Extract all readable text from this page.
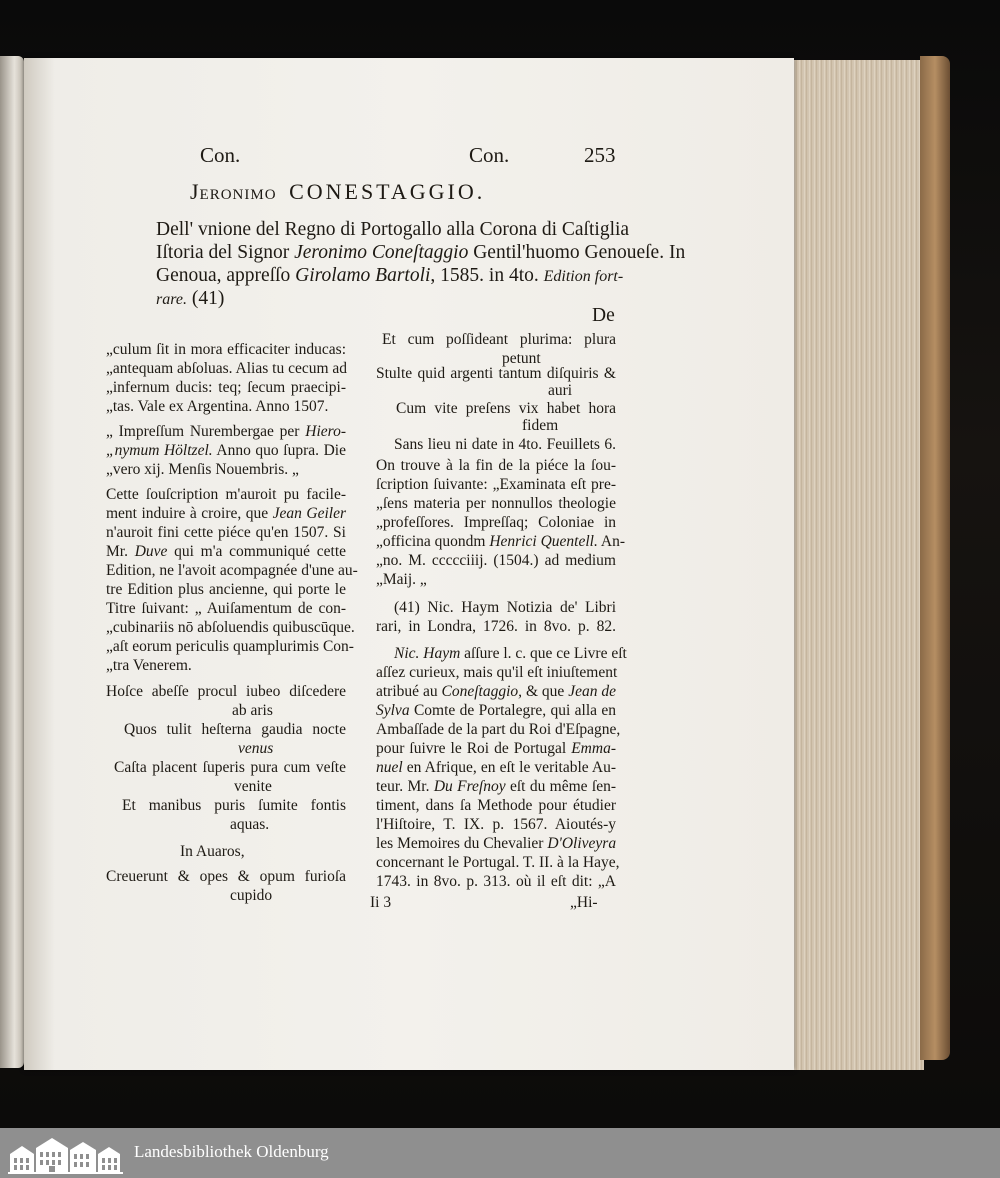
Con.	Con.	253
Jeronimo CONESTAGGIO.
Dell' vnione del Regno di Portogallo alla Corona di Caſtiglia
Iſtoria del Signor Jeronimo Coneſtaggio Gentil'huomo Genoueſe. In
Genoua, appreſſo Girolamo Bartoli, 1585. in 4to. Edition fort-
rare. (41)
De
„culum ſit in mora efficaciter inducas:
„antequam abſoluas. Alias tu cecum ad
„infernum ducis: teq; ſecum praecipi-
„tas. Vale ex Argentina. Anno 1507.
„ Impreſſum Nurembergae per Hiero-
„nymum Höltzel. Anno quo ſupra. Die
„vero xij. Menſis Nouembris. „
Cette ſouſcription m'auroit pu facile-
ment induire à croire, que Jean Geiler
n'auroit fini cette piéce qu'en 1507. Si
Mr. Duve qui m'a communiqué cette
Edition, ne l'avoit acompagnée d'une au-
tre Edition plus ancienne, qui porte le
Titre ſuivant: „ Auiſamentum de con-
„cubinariis nō abſoluendis quibuscūque.
„aſt eorum periculis quamplurimis Con-
„tra Venerem.
Hoſce abeſſe procul iubeo diſcedere
ab aris
Quos tulit heſterna gaudia nocte
venus
Caſta placent ſuperis pura cum veſte
venite
Et manibus puris ſumite fontis
aquas.
In Auaros,
Creuerunt & opes & opum furioſa
cupido
Et cum poſſideant plurima: plura
petunt
Stulte quid argenti tantum diſquiris &
auri
Cum vite preſens vix habet hora
fidem
Sans lieu ni date in 4to. Feuillets 6.
On trouve à la fin de la piéce la ſou-
ſcription ſuivante: „Examinata eſt pre-
„ſens materia per nonnullos theologie
„profeſſores. Impreſſaq; Coloniae in
„officina quondm Henrici Quentell. An-
„no. M. ccccciiij. (1504.) ad medium
„Maij. „
(41) Nic. Haym Notizia de' Libri
rari, in Londra, 1726. in 8vo. p. 82.
Nic. Haym aſſure l. c. que ce Livre eſt
aſſez curieux, mais qu'il eſt iniuſtement
atribué au Coneſtaggio, & que Jean de
Sylva Comte de Portalegre, qui alla en
Ambaſſade de la part du Roi d'Eſpagne,
pour ſuivre le Roi de Portugal Emma-
nuel en Afrique, en eſt le veritable Au-
teur. Mr. Du Freſnoy eſt du même ſen-
timent, dans ſa Methode pour étudier
l'Hiſtoire, T. IX. p. 1567. Aioutés-y
les Memoires du Chevalier D'Oliveyra
concernant le Portugal. T. II. à la Haye,
1743. in 8vo. p. 313. où il eſt dit: „A
Ii 3	„Hi-
Landesbibliothek Oldenburg
